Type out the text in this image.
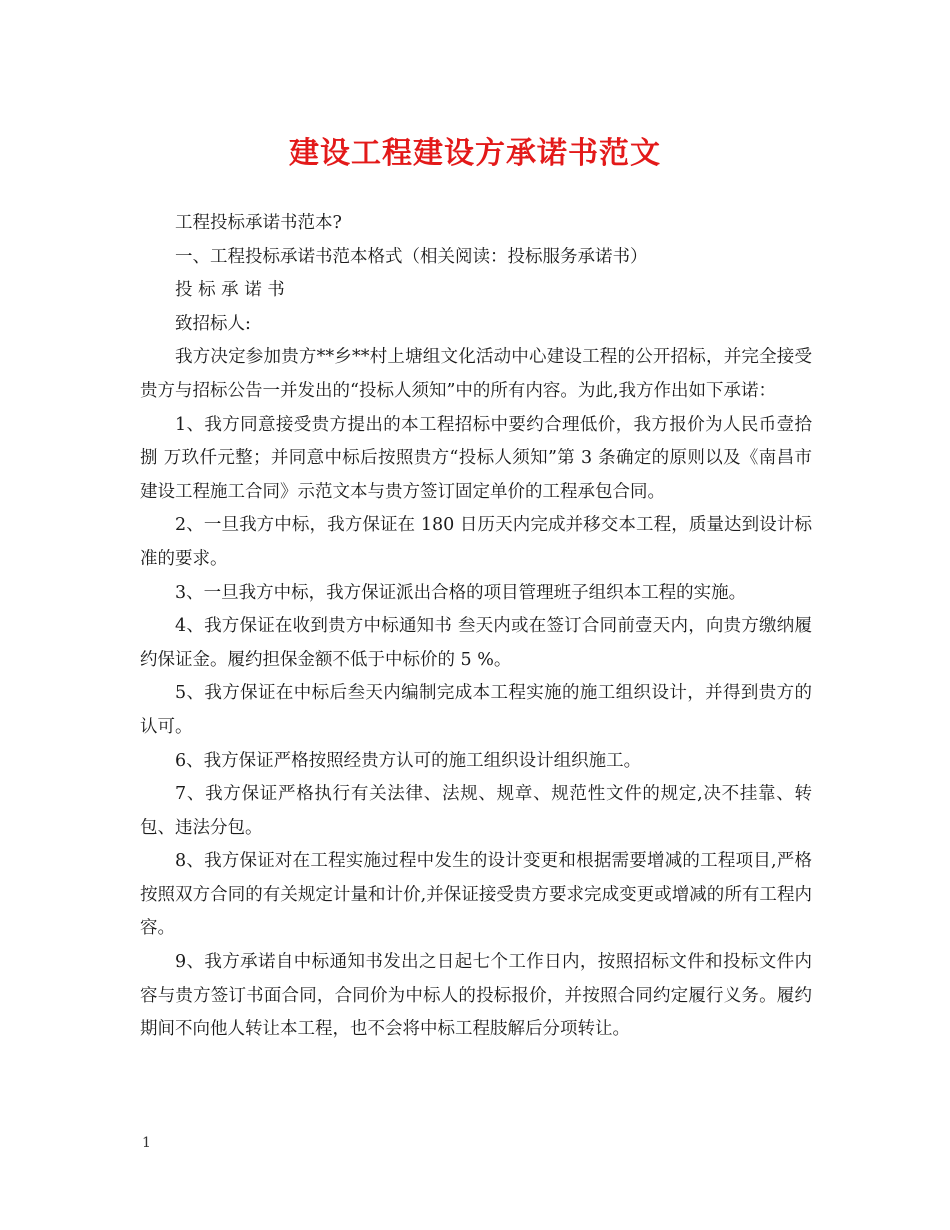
建设工程建设方承诺书范文

工程投标承诺书范本?

一、工程投标承诺书范本格式（相关阅读：投标服务承诺书）

投 标 承 诺 书

致招标人:

我方决定参加贵方**乡**村上塘组文化活动中心建设工程的公开招标，并完全接受贵方与招标公告一并发出的“投标人须知”中的所有内容。为此,我方作出如下承诺：

1、我方同意接受贵方提出的本工程招标中要约合理低价，我方报价为人民币壹拾捌 万玖仟元整；并同意中标后按照贵方“投标人须知”第 3 条确定的原则以及《南昌市建设工程施工合同》示范文本与贵方签订固定单价的工程承包合同。

2、一旦我方中标，我方保证在 180 日历天内完成并移交本工程，质量达到设计标准的要求。

3、一旦我方中标，我方保证派出合格的项目管理班子组织本工程的实施。

4、我方保证在收到贵方中标通知书 叁天内或在签订合同前壹天内，向贵方缴纳履约保证金。履约担保金额不低于中标价的 5 %。

5、我方保证在中标后叁天内编制完成本工程实施的施工组织设计，并得到贵方的认可。

6、我方保证严格按照经贵方认可的施工组织设计组织施工。

7、我方保证严格执行有关法律、法规、规章、规范性文件的规定,决不挂靠、转包、违法分包。

8、我方保证对在工程实施过程中发生的设计变更和根据需要增减的工程项目,严格按照双方合同的有关规定计量和计价,并保证接受贵方要求完成变更或增减的所有工程内容。

9、我方承诺自中标通知书发出之日起七个工作日内，按照招标文件和投标文件内容与贵方签订书面合同，合同价为中标人的投标报价，并按照合同约定履行义务。履约期间不向他人转让本工程，也不会将中标工程肢解后分项转让。

1
